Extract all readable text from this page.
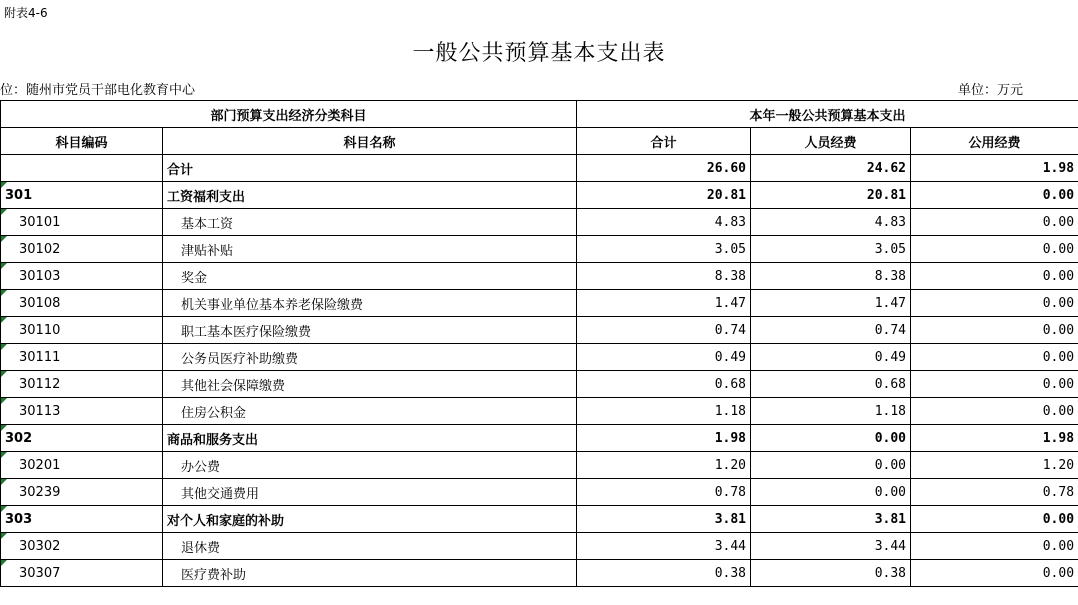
附表4-6
一般公共预算基本支出表
位：随州市党员干部电化教育中心	单位：万元
部门预算支出经济分类科目		本年一般公共预算基本支出		
科目编码	科目名称	合计	人员经费	公用经费
	合计	26.60	24.62	1.98
301	工资福利支出	20.81	20.81	0.00
30101	基本工资	4.83	4.83	0.00
30102	津贴补贴	3.05	3.05	0.00
30103	奖金	8.38	8.38	0.00
30108	机关事业单位基本养老保险缴费	1.47	1.47	0.00
30110	职工基本医疗保险缴费	0.74	0.74	0.00
30111	公务员医疗补助缴费	0.49	0.49	0.00
30112	其他社会保障缴费	0.68	0.68	0.00
30113	住房公积金	1.18	1.18	0.00
302	商品和服务支出	1.98	0.00	1.98
30201	办公费	1.20	0.00	1.20
30239	其他交通费用	0.78	0.00	0.78
303	对个人和家庭的补助	3.81	3.81	0.00
30302	退休费	3.44	3.44	0.00
30307	医疗费补助	0.38	0.38	0.00
